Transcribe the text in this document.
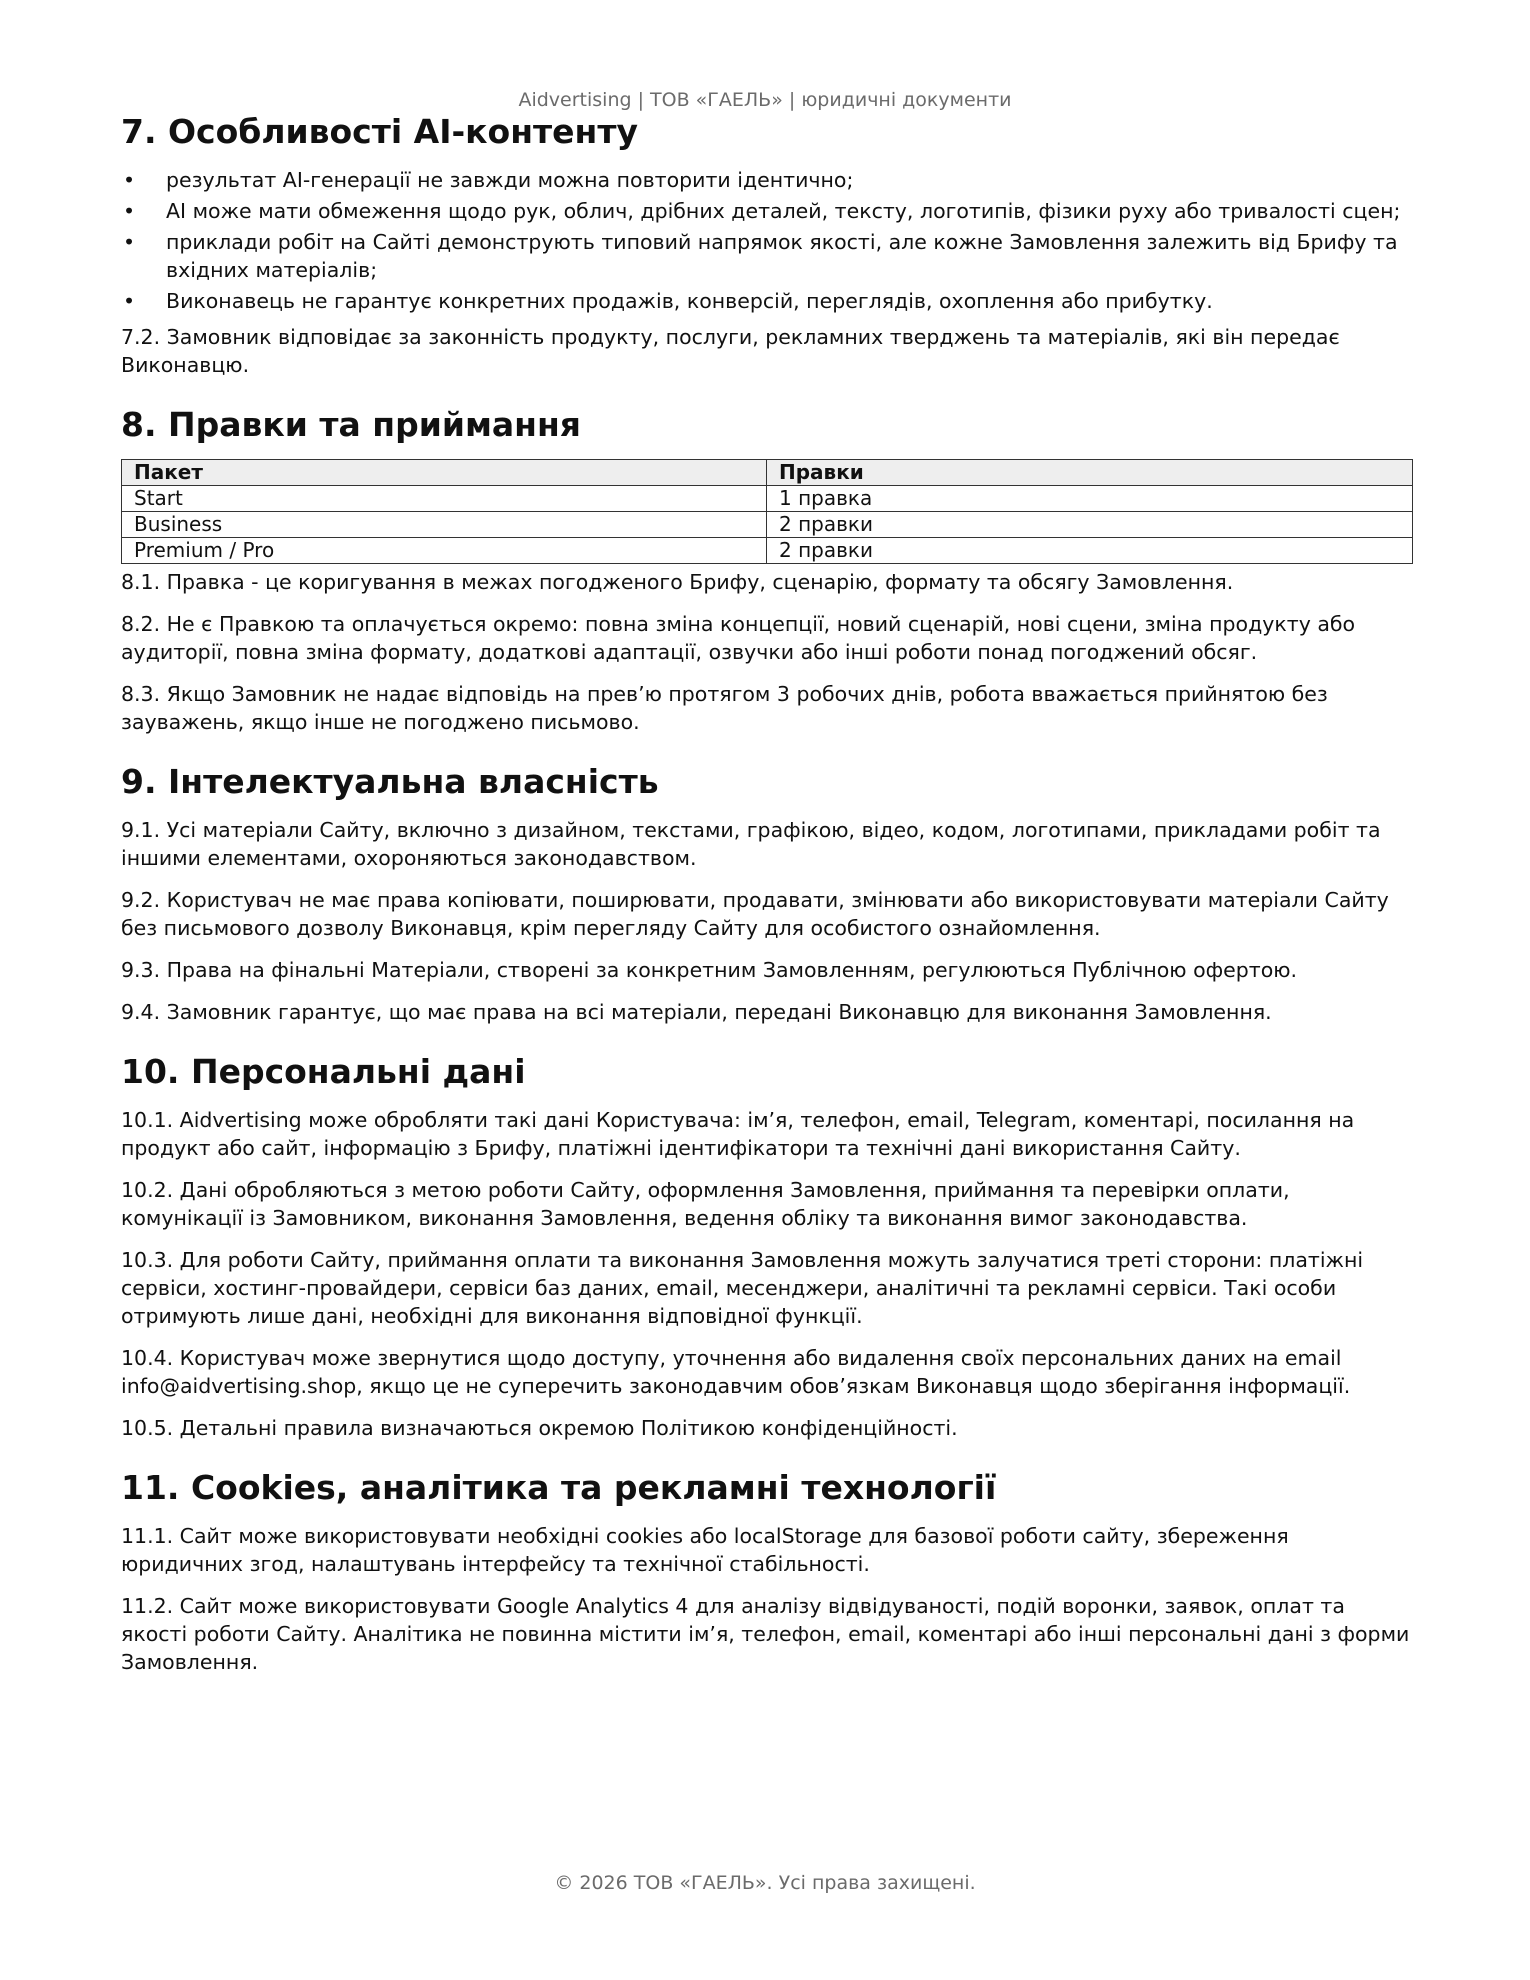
Aidvertising | ТОВ «ГАЕЛЬ» | юридичні документи
7. Особливості AI-контенту
• результат AI-генерації не завжди можна повторити ідентично;
• AI може мати обмеження щодо рук, облич, дрібних деталей, тексту, логотипів, фізики руху або тривалості сцен;
• приклади робіт на Сайті демонструють типовий напрямок якості, але кожне Замовлення залежить від Брифу та вхідних матеріалів;
• Виконавець не гарантує конкретних продажів, конверсій, переглядів, охоплення або прибутку.

7.2. Замовник відповідає за законність продукту, послуги, рекламних тверджень та матеріалів, які він передає Виконавцю.

8. Правки та приймання
Пакет	Правки
Start	1 правка
Business	2 правки
Premium / Pro	2 правки

8.1. Правка - це коригування в межах погодженого Брифу, сценарію, формату та обсягу Замовлення.

8.2. Не є Правкою та оплачується окремо: повна зміна концепції, новий сценарій, нові сцени, зміна продукту або аудиторії, повна зміна формату, додаткові адаптації, озвучки або інші роботи понад погоджений обсяг.

8.3. Якщо Замовник не надає відповідь на прев’ю протягом 3 робочих днів, робота вважається прийнятою без зауважень, якщо інше не погоджено письмово.

9. Інтелектуальна власність

9.1. Усі матеріали Сайту, включно з дизайном, текстами, графікою, відео, кодом, логотипами, прикладами робіт та іншими елементами, охороняються законодавством.

9.2. Користувач не має права копіювати, поширювати, продавати, змінювати або використовувати матеріали Сайту без письмового дозволу Виконавця, крім перегляду Сайту для особистого ознайомлення.

9.3. Права на фінальні Матеріали, створені за конкретним Замовленням, регулюються Публічною офертою.

9.4. Замовник гарантує, що має права на всі матеріали, передані Виконавцю для виконання Замовлення.

10. Персональні дані

10.1. Aidvertising може обробляти такі дані Користувача: ім’я, телефон, email, Telegram, коментарі, посилання на продукт або сайт, інформацію з Брифу, платіжні ідентифікатори та технічні дані використання Сайту.

10.2. Дані обробляються з метою роботи Сайту, оформлення Замовлення, приймання та перевірки оплати, комунікації із Замовником, виконання Замовлення, ведення обліку та виконання вимог законодавства.

10.3. Для роботи Сайту, приймання оплати та виконання Замовлення можуть залучатися треті сторони: платіжні сервіси, хостинг-провайдери, сервіси баз даних, email, месенджери, аналітичні та рекламні сервіси. Такі особи отримують лише дані, необхідні для виконання відповідної функції.

10.4. Користувач може звернутися щодо доступу, уточнення або видалення своїх персональних даних на email info@aidvertising.shop, якщо це не суперечить законодавчим обов’язкам Виконавця щодо зберігання інформації.

10.5. Детальні правила визначаються окремою Політикою конфіденційності.

11. Cookies, аналітика та рекламні технології

11.1. Сайт може використовувати необхідні cookies або localStorage для базової роботи сайту, збереження юридичних згод, налаштувань інтерфейсу та технічної стабільності.

11.2. Сайт може використовувати Google Analytics 4 для аналізу відвідуваності, подій воронки, заявок, оплат та якості роботи Сайту. Аналітика не повинна містити ім’я, телефон, email, коментарі або інші персональні дані з форми Замовлення.

© 2026 ТОВ «ГАЕЛЬ». Усі права захищені.
